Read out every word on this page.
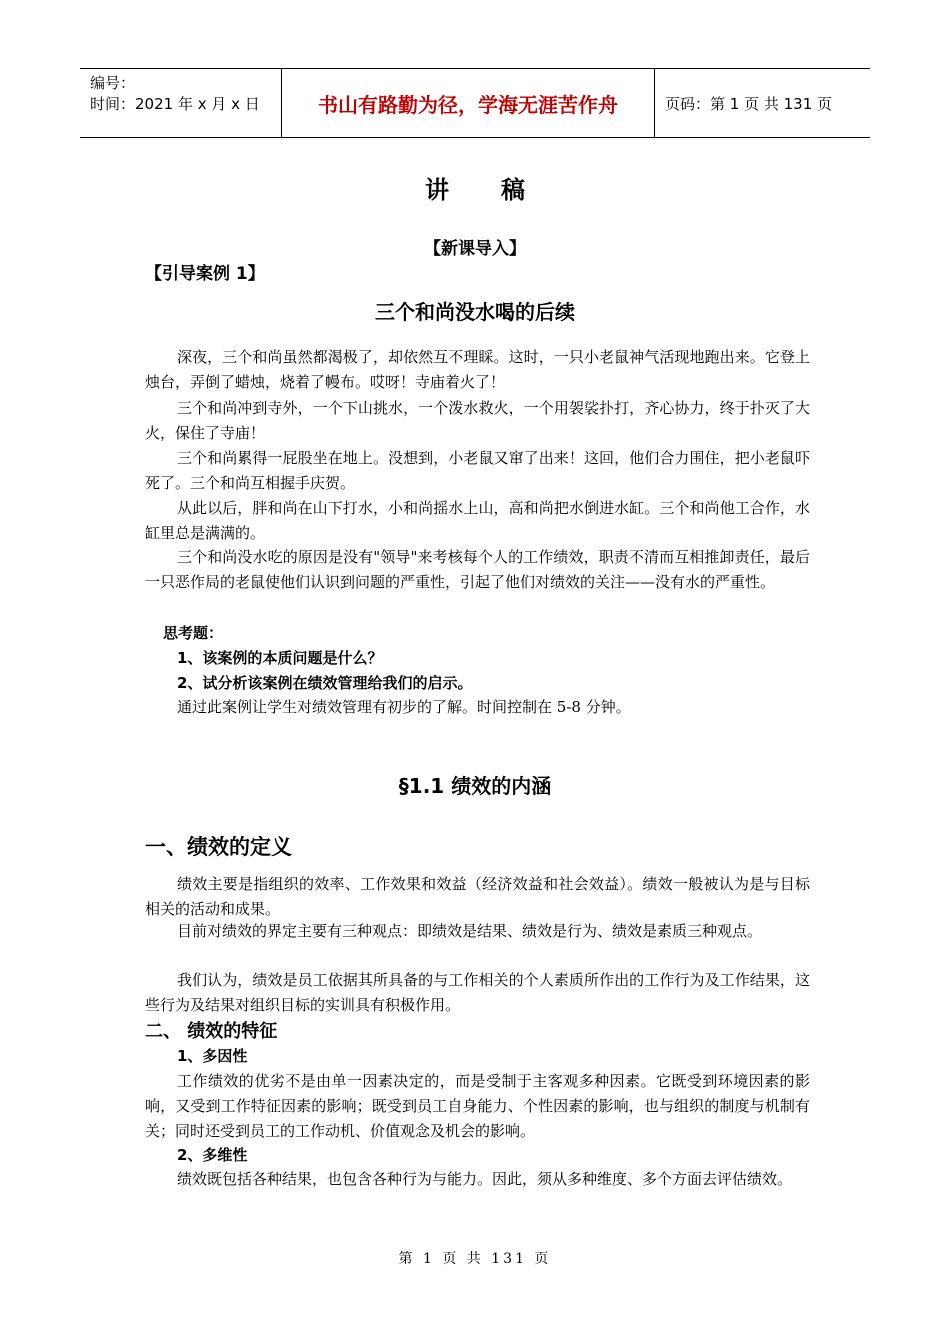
编号：
时间：2021 年 x 月 x 日	书山有路勤为径，学海无涯苦作舟	页码：第 1 页 共 131 页
讲稿
【新课导入】
【引导案例 1】
三个和尚没水喝的后续
深夜，三个和尚虽然都渴极了，却依然互不理睬。这时，一只小老鼠神气活现地跑出来。它登上烛台，弄倒了蜡烛，烧着了幔布。哎呀！寺庙着火了！
三个和尚冲到寺外，一个下山挑水，一个泼水救火，一个用袈裟扑打，齐心协力，终于扑灭了大火，保住了寺庙！
三个和尚累得一屁股坐在地上。没想到，小老鼠又窜了出来！这回，他们合力围住，把小老鼠吓死了。三个和尚互相握手庆贺。
从此以后，胖和尚在山下打水，小和尚摇水上山，高和尚把水倒进水缸。三个和尚他工合作，水缸里总是满满的。
三个和尚没水吃的原因是没有"领导"来考核每个人的工作绩效，职责不清而互相推卸责任，最后一只恶作局的老鼠使他们认识到问题的严重性，引起了他们对绩效的关注——没有水的严重性。
思考题：
1、该案例的本质问题是什么？
2、试分析该案例在绩效管理给我们的启示。
通过此案例让学生对绩效管理有初步的了解。时间控制在 5-8 分钟。
§1.1 绩效的内涵
一、绩效的定义
绩效主要是指组织的效率、工作效果和效益（经济效益和社会效益）。绩效一般被认为是与目标相关的活动和成果。
目前对绩效的界定主要有三种观点：即绩效是结果、绩效是行为、绩效是素质三种观点。
我们认为，绩效是员工依据其所具备的与工作相关的个人素质所作出的工作行为及工作结果，这些行为及结果对组织目标的实训具有积极作用。
二、 绩效的特征
1、多因性
工作绩效的优劣不是由单一因素决定的，而是受制于主客观多种因素。它既受到环境因素的影响，又受到工作特征因素的影响；既受到员工自身能力、个性因素的影响，也与组织的制度与机制有关；同时还受到员工的工作动机、价值观念及机会的影响。
2、多维性
绩效既包括各种结果，也包含各种行为与能力。因此，须从多种维度、多个方面去评估绩效。
第 1 页 共 131 页
